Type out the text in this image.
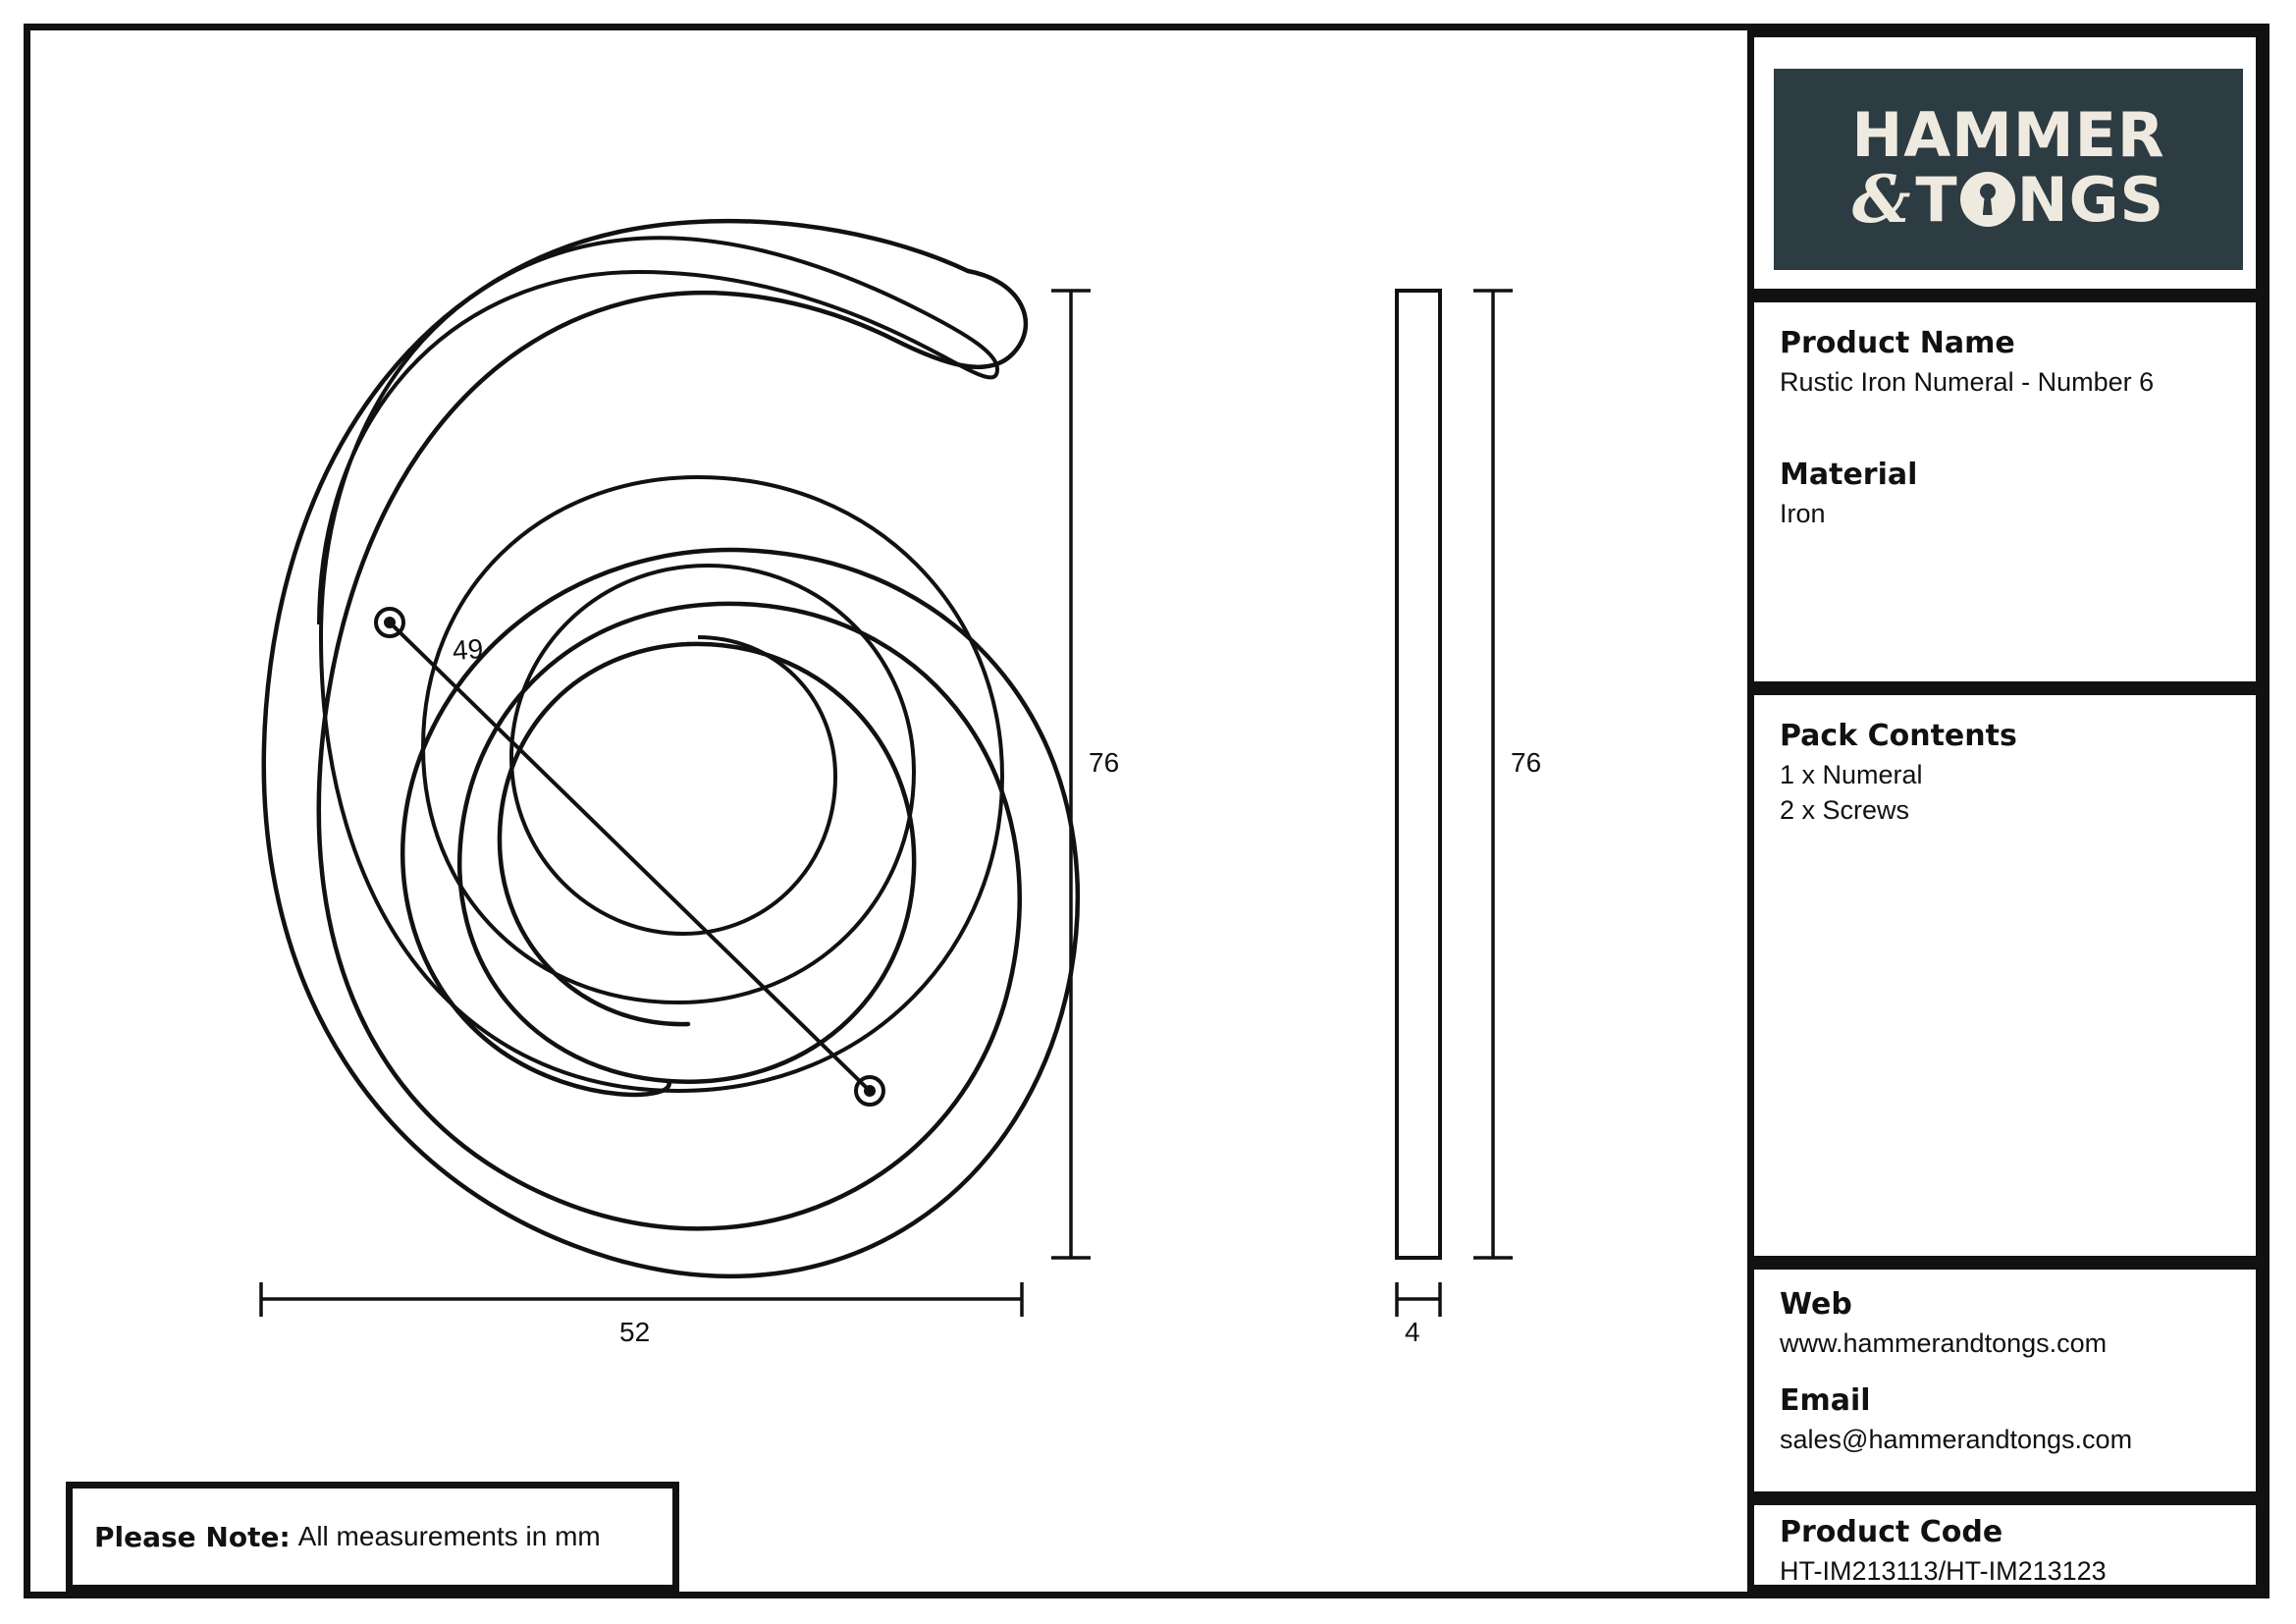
76
52
49
76
4
HAMMER
& T NGS
Product Name
Rustic Iron Numeral - Number 6
Material
Iron
Pack Contents
1 x Numeral
2 x Screws
Web
www.hammerandtongs.com
Email
sales@hammerandtongs.com
Product Code
HT-IM213113/HT-IM213123
Please Note: All measurements in mm
